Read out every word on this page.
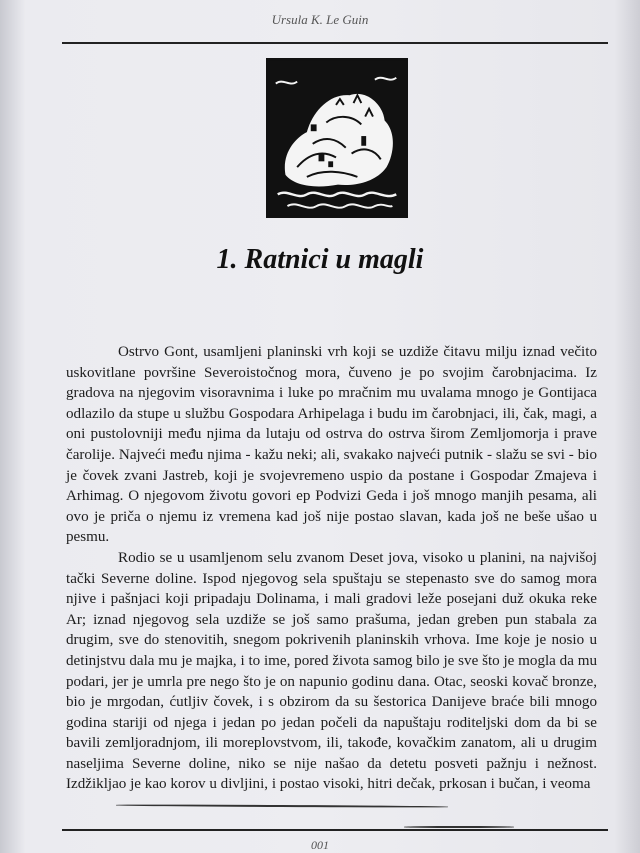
Ursula K. Le Guin
1. Ratnici u magli

Ostrvo Gont, usamljeni planinski vrh koji se uzdiže čitavu milju iznad večito uskovitlane površine Severoistočnog mora, čuveno je po svojim čarobnjacima. Iz gradova na njegovim visoravnima i luke po mračnim mu uvalama mnogo je Gontijaca odlazilo da stupe u službu Gospodara Arhipelaga i budu im čarobnjaci, ili, čak, magi, a oni pustolovniji među njima da lutaju od ostrva do ostrva širom Zemljomorja i prave čarolije. Najveći među njima - kažu neki; ali, svakako najveći putnik - slažu se svi - bio je čovek zvani Jastreb, koji je svojevremeno uspio da postane i Gospodar Zmajeva i Arhimag. O njegovom životu govori ep Podvizi Geda i još mnogo manjih pesama, ali ovo je priča o njemu iz vremena kad još nije postao slavan, kada još ne beše ušao u pesmu.

Rodio se u usamljenom selu zvanom Deset jova, visoko u planini, na najvišoj tački Severne doline. Ispod njegovog sela spuštaju se stepenasto sve do samog mora njive i pašnjaci koji pripadaju Dolinama, i mali gradovi leže posejani duž okuka reke Ar; iznad njegovog sela uzdiže se još samo prašuma, jedan greben pun stabala za drugim, sve do stenovitih, snegom pokrivenih planinskih vrhova. Ime koje je nosio u detinjstvu dala mu je majka, i to ime, pored života samog bilo je sve što je mogla da mu podari, jer je umrla pre nego što je on napunio godinu dana. Otac, seoski kovač bronze, bio je mrgodan, ćutljiv čovek, i s obzirom da su šestorica Danijeve braće bili mnogo godina stariji od njega i jedan po jedan počeli da napuštaju roditeljski dom da bi se bavili zemljoradnjom, ili moreplovstvom, ili, takođe, kovačkim zanatom, ali u drugim naseljima Severne doline, niko se nije našao da detetu posveti pažnju i nežnost. Izdžikljao je kao korov u divljini, i postao visoki, hitri dečak, prkosan i bučan, i veoma

001
